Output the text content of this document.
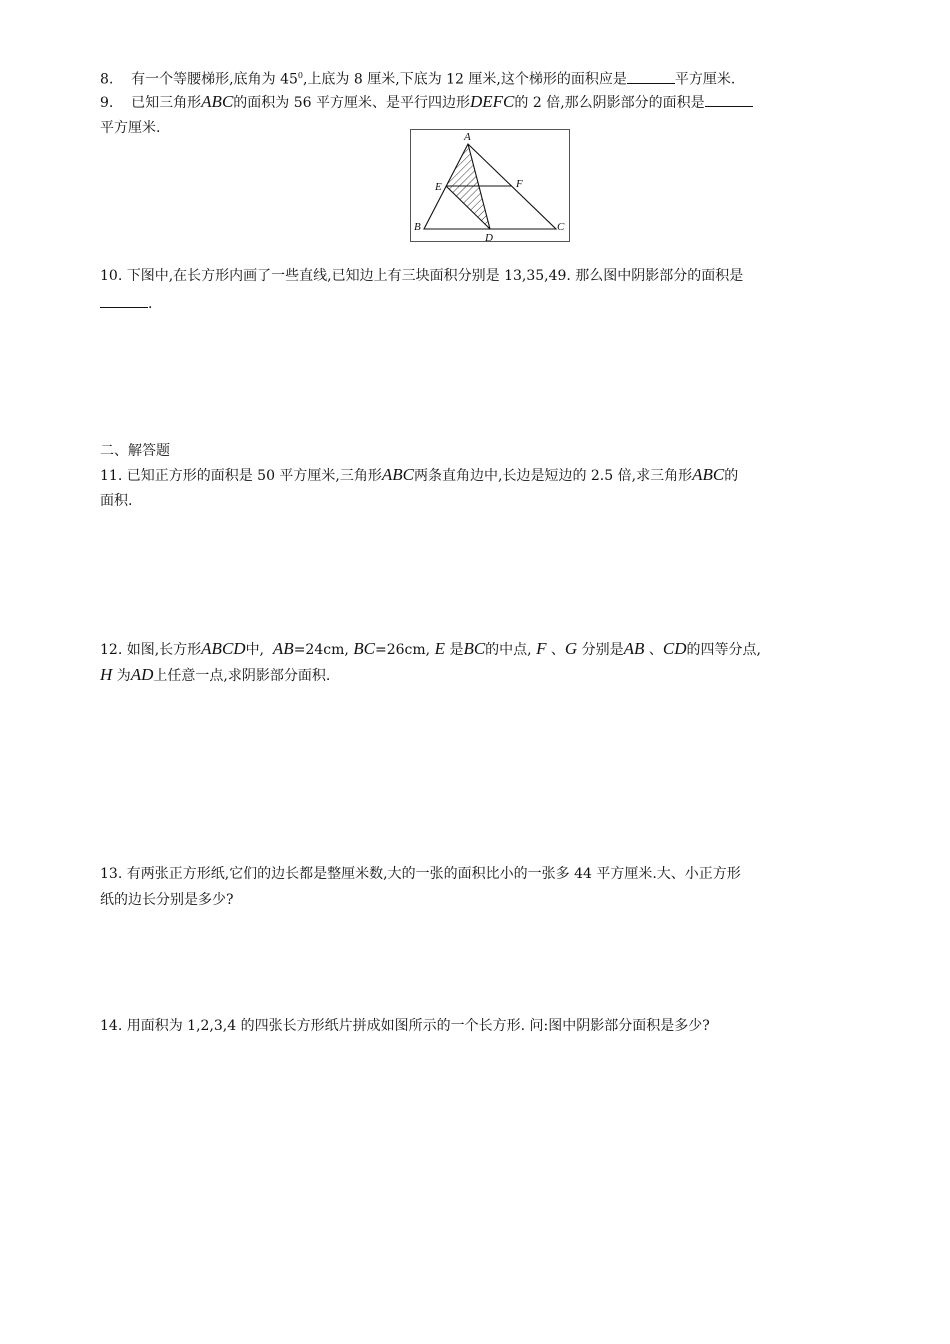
8. 有一个等腰梯形,底角为 $45^0$,上底为 8 厘米,下底为 12 厘米,这个梯形的面积应是	平方厘米.
9. 已知三角形ABC的面积为 56 平方厘米、是平行四边形DEFC的 2 倍,那么阴影部分的面积是
平方厘米.
A
B	C
D
E	F
10. 下图中,在长方形内画了一些直线,已知边上有三块面积分别是 13,35,49. 那么图中阴影部分的面积是
.
二、解答题
11. 已知正方形的面积是 50 平方厘米,三角形ABC两条直角边中,长边是短边的 2.5 倍,求三角形ABC的
面积.
12. 如图,长方形ABCD中, AB=24cm, BC=26cm, E 是BC的中点, F 、G 分别是AB 、CD的四等分点,
H 为AD上任意一点,求阴影部分面积.
13. 有两张正方形纸,它们的边长都是整厘米数,大的一张的面积比小的一张多 44 平方厘米.大、小正方形
纸的边长分别是多少?
14. 用面积为 1,2,3,4 的四张长方形纸片拼成如图所示的一个长方形. 问:图中阴影部分面积是多少?
